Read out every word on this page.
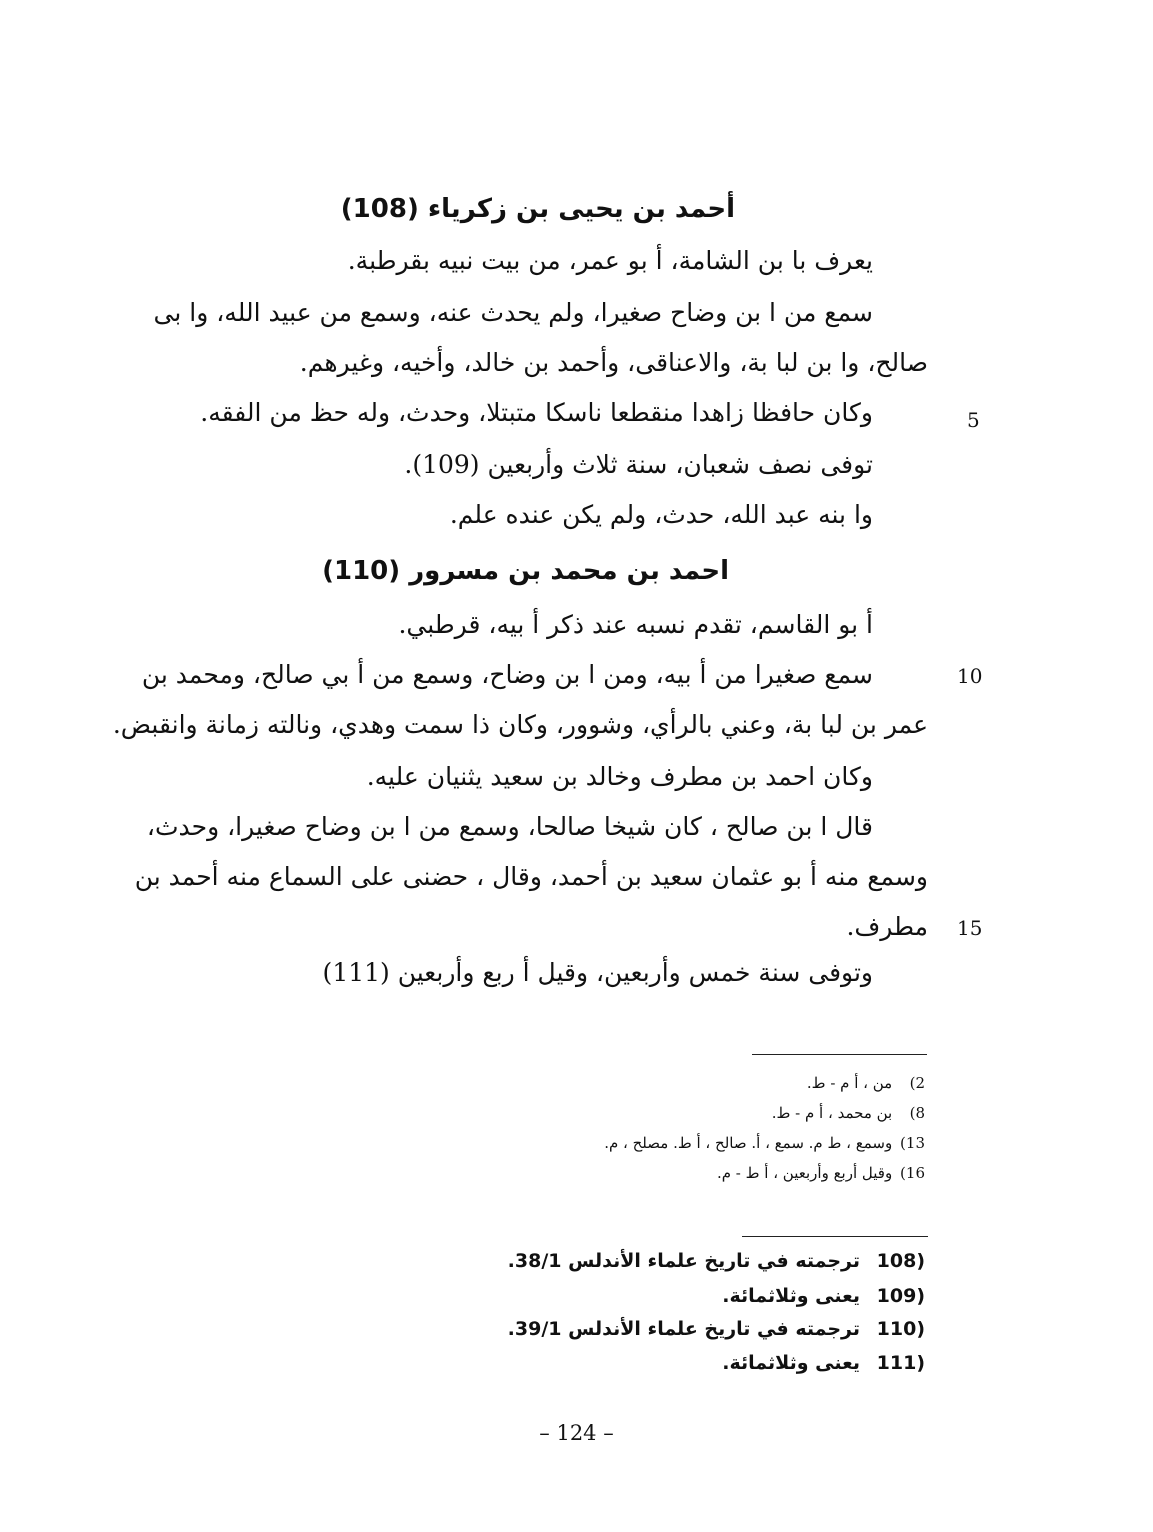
أحمد بن يحيى بن زكرياء (108)
يعرف با بن الشامة، أ بو عمر، من بيت نبيه بقرطبة.
سمع من ا بن وضاح صغيرا، ولم يحدث عنه، وسمع من عبيد الله، وا بى
صالح، وا بن لبا بة، والاعناقى، وأحمد بن خالد، وأخيه، وغيرهم.
وكان حافظا زاهدا منقطعا ناسكا متبتلا، وحدث، وله حظ من الفقه.
توفى نصف شعبان، سنة ثلاث وأربعين (109).
وا بنه عبد الله، حدث، ولم يكن عنده علم.
احمد بن محمد بن مسرور (110)
أ بو القاسم، تقدم نسبه عند ذكر أ بيه، قرطبي.
سمع صغيرا من أ بيه، ومن ا بن وضاح، وسمع من أ بي صالح، ومحمد بن
عمر بن لبا بة، وعني بالرأي، وشوور، وكان ذا سمت وهدي، ونالته زمانة وانقبض.
وكان احمد بن مطرف وخالد بن سعيد يثنيان عليه.
قال ا بن صالح ، كان شيخا صالحا، وسمع من ا بن وضاح صغيرا، وحدث،
وسمع منه أ بو عثمان سعيد بن أحمد، وقال ، حضنى على السماع منه أحمد بن
مطرف.
وتوفى سنة خمس وأربعين، وقيل أ ربع وأربعين (111)
5
10
15
2) من ، أ م - ط.
8) بن محمد ، أ م - ط.
13) وسمع ، ط م. سمع ، أ. صالح ، أ ط. مصلح ، م.
16) وقيل أربع وأربعين ، أ ط - م.
(108 ترجمته في تاريخ علماء الأندلس 38/1.
(109 يعنى وثلاثمائة.
(110 ترجمته في تاريخ علماء الأندلس 39/1.
(111 يعنى وثلاثمائة.
– 124 –
